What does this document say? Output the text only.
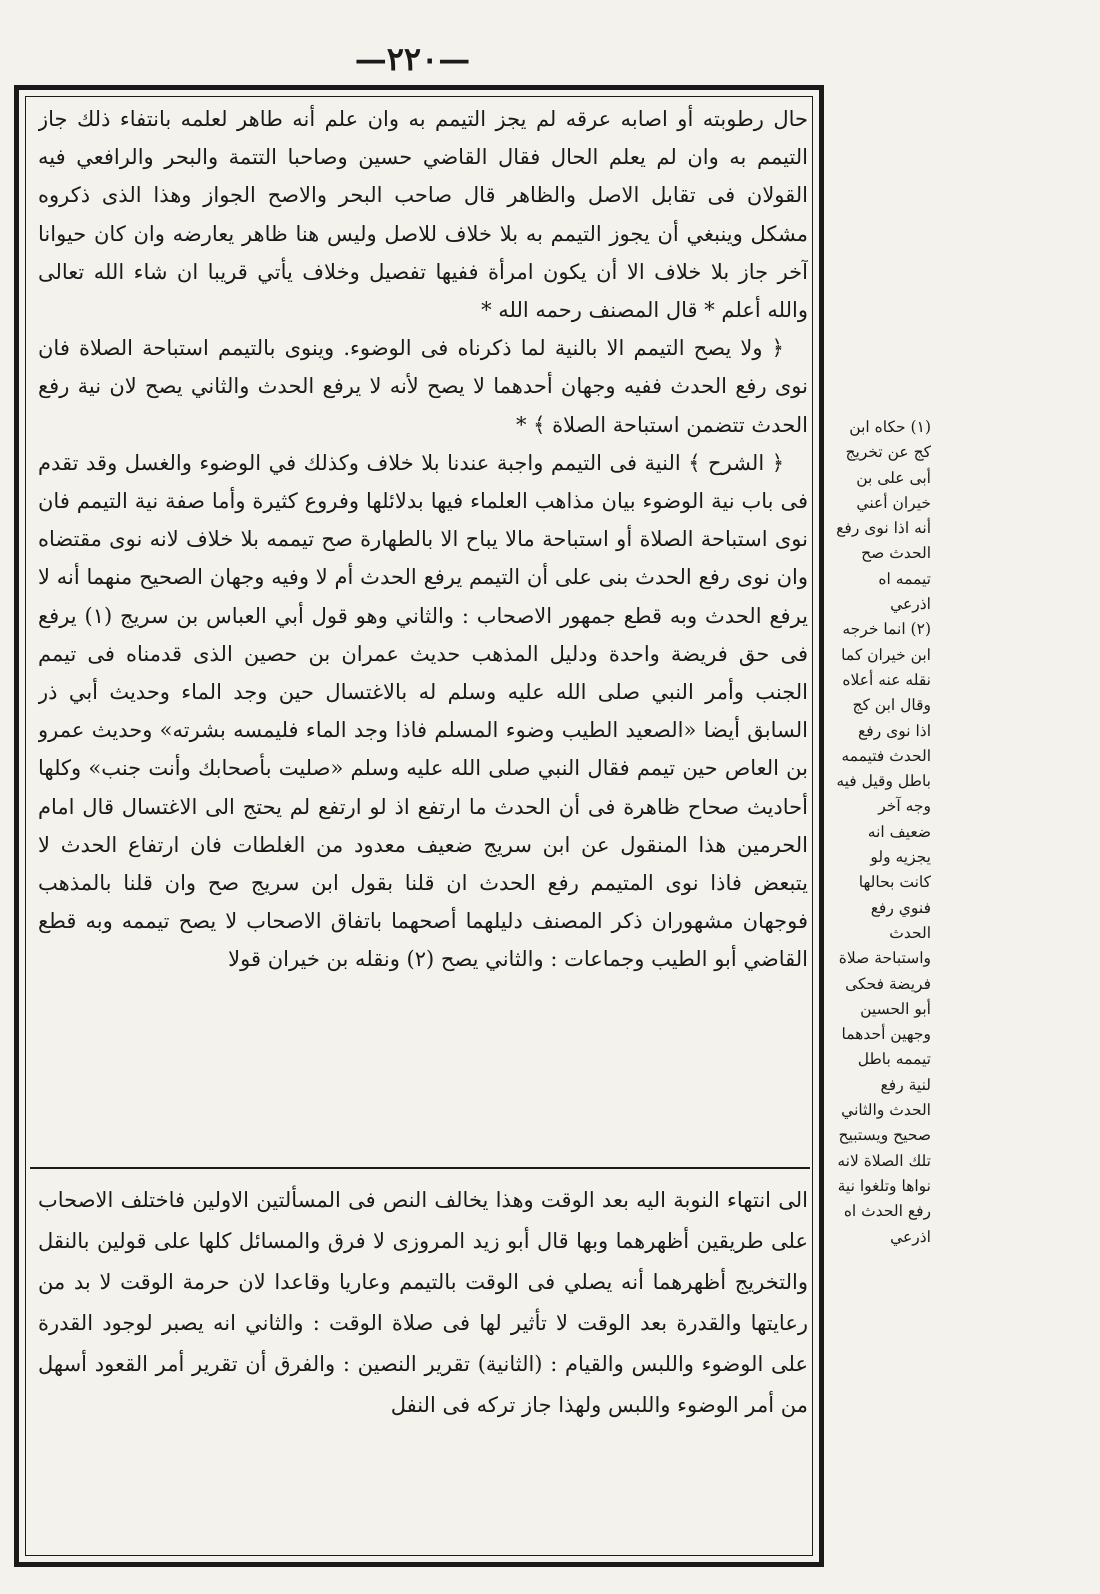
—٢٢٠—

حال رطوبته أو اصابه عرقه لم يجز التيمم به وان علم أنه طاهر لعلمه بانتفاء ذلك جاز التيمم به وان لم يعلم الحال فقال القاضي حسين وصاحبا التتمة والبحر والرافعي فيه القولان فى تقابل الاصل والظاهر قال صاحب البحر والاصح الجواز وهذا الذى ذكروه مشكل وينبغي أن يجوز التيمم به بلا خلاف للاصل وليس هنا ظاهر يعارضه وان كان حيوانا آخر جاز بلا خلاف الا أن يكون امرأة ففيها تفصيل وخلاف يأتي قريبا ان شاء الله تعالى والله أعلم * قال المصنف رحمه الله *

﴿ ولا يصح التيمم الا بالنية لما ذكرناه فى الوضوء. وينوى بالتيمم استباحة الصلاة فان نوى رفع الحدث ففيه وجهان أحدهما لا يصح لأنه لا يرفع الحدث والثاني يصح لان نية رفع الحدث تتضمن استباحة الصلاة ﴾ *

﴿ الشرح ﴾ النية فى التيمم واجبة عندنا بلا خلاف وكذلك في الوضوء والغسل وقد تقدم فى باب نية الوضوء بيان مذاهب العلماء فيها بدلائلها وفروع كثيرة وأما صفة نية التيمم فان نوى استباحة الصلاة أو استباحة مالا يباح الا بالطهارة صح تيممه بلا خلاف لانه نوى مقتضاه وان نوى رفع الحدث بنى على أن التيمم يرفع الحدث أم لا وفيه وجهان الصحيح منهما أنه لا يرفع الحدث وبه قطع جمهور الاصحاب : والثاني وهو قول أبي العباس بن سريج (١) يرفع فى حق فريضة واحدة ودليل المذهب حديث عمران بن حصين الذى قدمناه فى تيمم الجنب وأمر النبي صلى الله عليه وسلم له بالاغتسال حين وجد الماء وحديث أبي ذر السابق أيضا «الصعيد الطيب وضوء المسلم فاذا وجد الماء فليمسه بشرته» وحديث عمرو بن العاص حين تيمم فقال النبي صلى الله عليه وسلم «صليت بأصحابك وأنت جنب» وكلها أحاديث صحاح ظاهرة فى أن الحدث ما ارتفع اذ لو ارتفع لم يحتج الى الاغتسال قال امام الحرمين هذا المنقول عن ابن سريج ضعيف معدود من الغلطات فان ارتفاع الحدث لا يتبعض فاذا نوى المتيمم رفع الحدث ان قلنا بقول ابن سريج صح وان قلنا بالمذهب فوجهان مشهوران ذكر المصنف دليلهما أصحهما باتفاق الاصحاب لا يصح تيممه وبه قطع القاضي أبو الطيب وجماعات : والثاني يصح (٢) ونقله بن خيران قولا

الى انتهاء النوبة اليه بعد الوقت وهذا يخالف النص فى المسألتين الاولين فاختلف الاصحاب على طريقين أظهرهما وبها قال أبو زيد المروزى لا فرق والمسائل كلها على قولين بالنقل والتخريج أظهرهما أنه يصلي فى الوقت بالتيمم وعاريا وقاعدا لان حرمة الوقت لا بد من رعايتها والقدرة بعد الوقت لا تأثير لها فى صلاة الوقت : والثاني انه يصبر لوجود القدرة على الوضوء واللبس والقيام : (الثانية) تقرير النصين : والفرق أن تقرير أمر القعود أسهل من أمر الوضوء واللبس ولهذا جاز تركه فى النفل

(١) حكاه ابن كج عن تخريج أبى على بن خيران أعني أنه اذا نوى رفع الحدث صح تيممه اه اذرعي

(٢) انما خرجه ابن خيران كما نقله عنه أعلاه وقال ابن كج اذا نوى رفع الحدث فتيممه باطل وقيل فيه وجه آخر ضعيف انه يجزيه ولو كانت بحالها فنوي رفع الحدث واستباحة صلاة فريضة فحكى أبو الحسين وجهين أحدهما تيممه باطل لنية رفع الحدث والثاني صحيح ويستبيح تلك الصلاة لانه نواها وتلغوا نية رفع الحدث اه اذرعي
